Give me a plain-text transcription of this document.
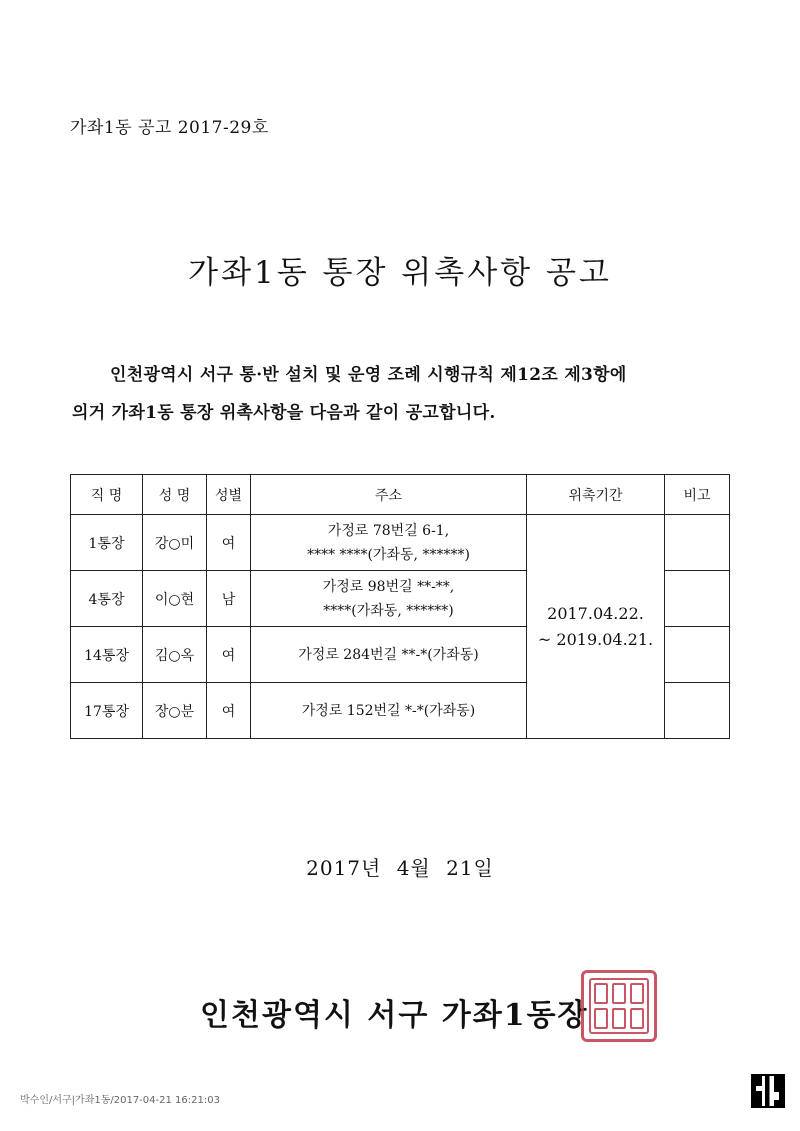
가좌1동 공고 2017-29호
가좌1동 통장 위촉사항 공고
인천광역시 서구 통·반 설치 및 운영 조례 시행규칙 제12조 제3항에
의거 가좌1동 통장 위촉사항을 다음과 같이 공고합니다.
직 명	성 명	성별	주소	위촉기간	비고
1통장	강○미	여	가정로 78번길 6-1,
**** ****(가좌동, ******)	2017.04.22.
~ 2019.04.21.	

4통장	이○현	남	가정로 98번길 **-**,
****(가좌동, ******)		

14통장	김○옥	여	가정로 284번길 **-*(가좌동)		

17통장	장○분	여	가정로 152번길 *-*(가좌동)		

2017년 4월 21일
인천광역시 서구 가좌1동장
박수인/서구|가좌1동/2017-04-21 16:21:03
